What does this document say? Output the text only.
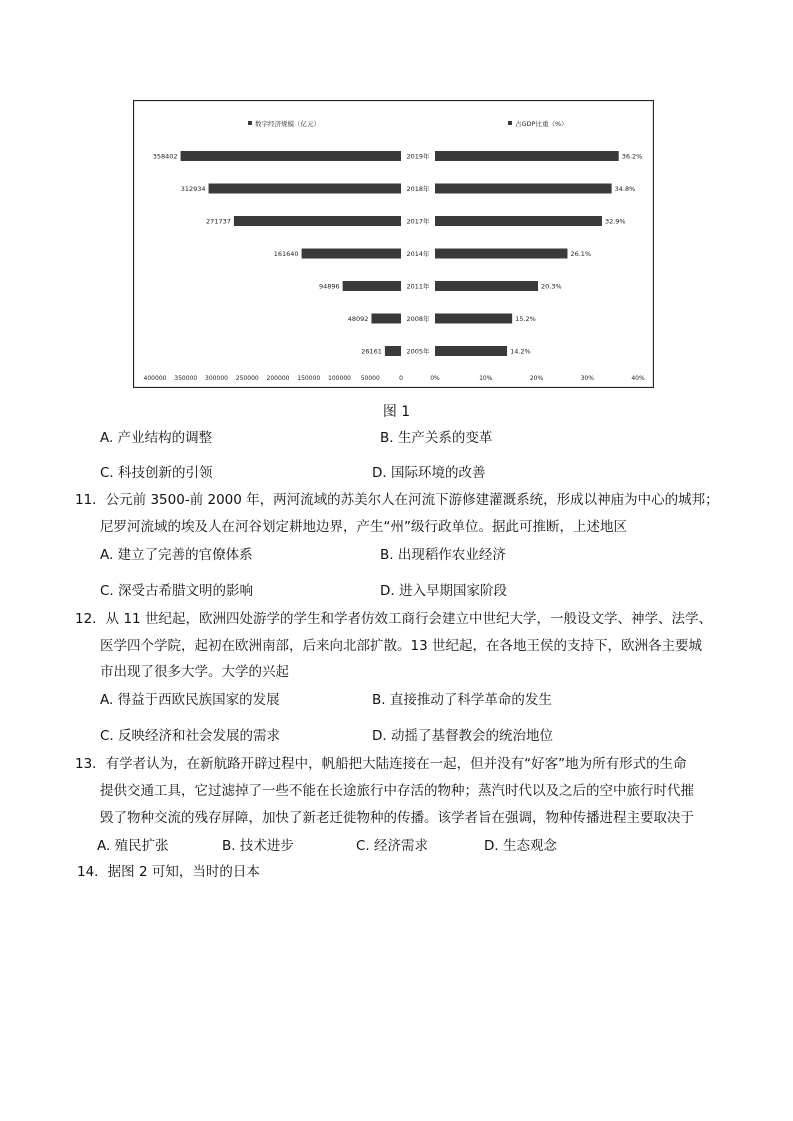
数字经济规模（亿元）	占GDP比重（%）
358402	2019年	36.2%
312934	2018年	34.8%
271737	2017年	32.9%
161640	2014年	26.1%
94896	2011年	20.3%
48092	2008年	15.2%
26161	2005年	14.2%
400000 350000 300000 250000 200000 150000 100000 50000	0	0%	10%	20%	30%	40%
图 1
A. 产业结构的调整	B. 生产关系的变革
C. 科技创新的引领	D. 国际环境的改善
11．公元前 3500-前 2000 年，两河流域的苏美尔人在河流下游修建灌溉系统，形成以神庙为中心的城邦；
尼罗河流域的埃及人在河谷划定耕地边界，产生“州”级行政单位。据此可推断，上述地区
A. 建立了完善的官僚体系	B. 出现稻作农业经济
C. 深受古希腊文明的影响	D. 进入早期国家阶段
12．从 11 世纪起，欧洲四处游学的学生和学者仿效工商行会建立中世纪大学，一般设文学、神学、法学、
医学四个学院，起初在欧洲南部，后来向北部扩散。13 世纪起，在各地王侯的支持下，欧洲各主要城
市出现了很多大学。大学的兴起
A. 得益于西欧民族国家的发展	B. 直接推动了科学革命的发生
C. 反映经济和社会发展的需求	D. 动摇了基督教会的统治地位
13．有学者认为，在新航路开辟过程中，帆船把大陆连接在一起，但并没有“好客”地为所有形式的生命
提供交通工具，它过滤掉了一些不能在长途旅行中存活的物种；蒸汽时代以及之后的空中旅行时代摧
毁了物种交流的残存屏障，加快了新老迁徙物种的传播。该学者旨在强调，物种传播进程主要取决于
A. 殖民扩张	B. 技术进步	C. 经济需求	D. 生态观念
14．据图 2 可知，当时的日本
